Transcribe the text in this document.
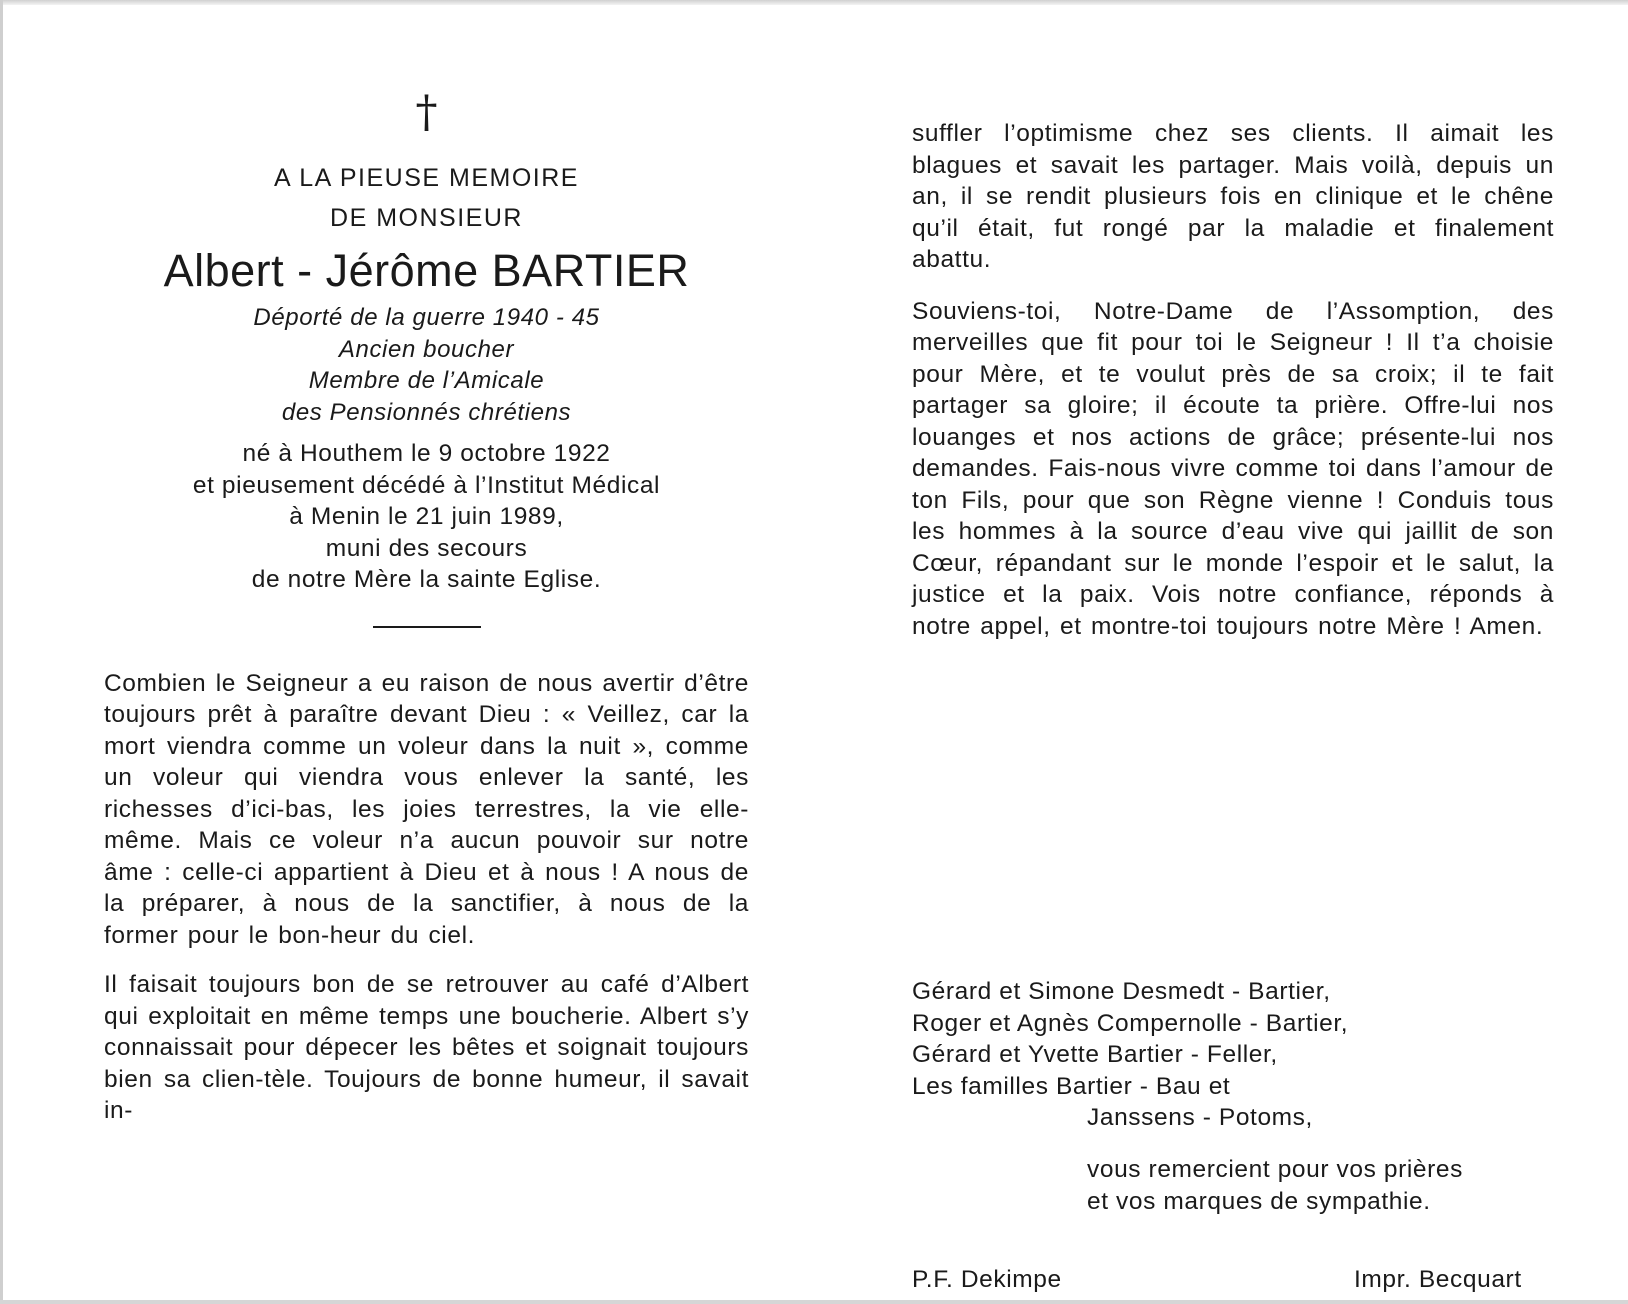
†
A LA PIEUSE MEMOIRE
DE MONSIEUR
Albert - Jérôme BARTIER
Déporté de la guerre 1940 - 45
Ancien boucher
Membre de l’Amicale
des Pensionnés chrétiens
né à Houthem le 9 octobre 1922
et pieusement décédé à l’Institut Médical
à Menin le 21 juin 1989,
muni des secours
de notre Mère la sainte Eglise.
Combien le Seigneur a eu raison de nous avertir d’être toujours prêt à paraître devant Dieu : « Veillez, car la mort viendra comme un voleur dans la nuit », comme un voleur qui viendra vous enlever la santé, les richesses d’ici-bas, les joies terrestres, la vie elle-même. Mais ce voleur n’a aucun pouvoir sur notre âme : celle-ci appartient à Dieu et à nous ! A nous de la préparer, à nous de la sanctifier, à nous de la former pour le bon-heur du ciel.
Il faisait toujours bon de se retrouver au café d’Albert qui exploitait en même temps une boucherie. Albert s’y connaissait pour dépecer les bêtes et soignait toujours bien sa clien-tèle. Toujours de bonne humeur, il savait in-
suffler l’optimisme chez ses clients. Il aimait les blagues et savait les partager. Mais voilà, depuis un an, il se rendit plusieurs fois en clinique et le chêne qu’il était, fut rongé par la maladie et finalement abattu.
Souviens-toi, Notre-Dame de l’Assomption, des merveilles que fit pour toi le Seigneur ! Il t’a choisie pour Mère, et te voulut près de sa croix; il te fait partager sa gloire; il écoute ta prière. Offre-lui nos louanges et nos actions de grâce; présente-lui nos demandes. Fais-nous vivre comme toi dans l’amour de ton Fils, pour que son Règne vienne ! Conduis tous les hommes à la source d’eau vive qui jaillit de son Cœur, répandant sur le monde l’espoir et le salut, la justice et la paix. Vois notre confiance, réponds à notre appel, et montre-toi toujours notre Mère ! Amen.
Gérard et Simone Desmedt - Bartier,
Roger et Agnès Compernolle - Bartier,
Gérard et Yvette Bartier - Feller,
Les familles Bartier - Bau et
Janssens - Potoms,
vous remercient pour vos prières
et vos marques de sympathie.
P.F. Dekimpe	Impr. Becquart
